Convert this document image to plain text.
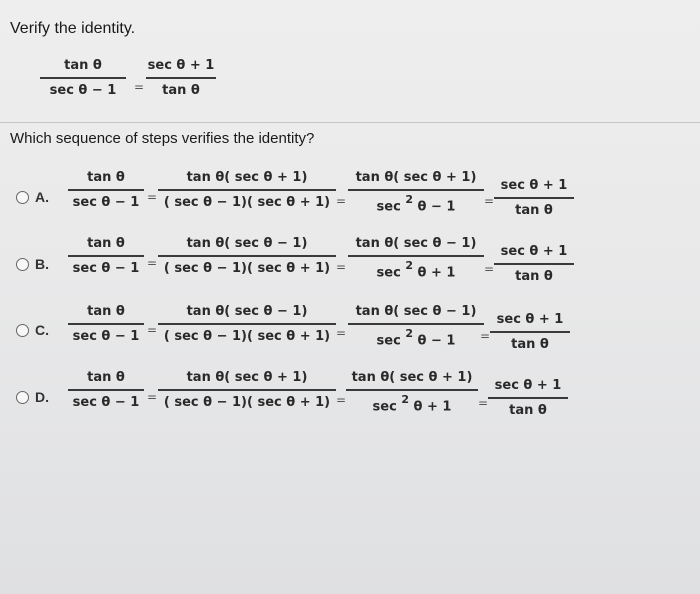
Verify the identity.
tan θ
sec θ − 1	=
sec θ + 1
tan θ
Which sequence of steps verifies the identity?
A.
tan θ
sec θ − 1 =
tan θ( sec θ + 1)
( sec θ − 1)( sec θ + 1) =
tan θ( sec θ + 1)
sec $^2$ θ − 1	=
sec θ + 1
tan θ
B.
tan θ
sec θ − 1 =
tan θ( sec θ − 1)
( sec θ − 1)( sec θ + 1) =
tan θ( sec θ − 1)
sec $^2$ θ + 1	=
sec θ + 1
tan θ
C.
tan θ
sec θ − 1 =
tan θ( sec θ − 1)
( sec θ − 1)( sec θ + 1) =
tan θ( sec θ − 1)
sec $^2$ θ − 1	=
sec θ + 1
tan θ
D.
tan θ
sec θ − 1 =
tan θ( sec θ + 1)
( sec θ − 1)( sec θ + 1) =
tan θ( sec θ + 1)
sec $^2$ θ + 1	=
sec θ + 1
tan θ
